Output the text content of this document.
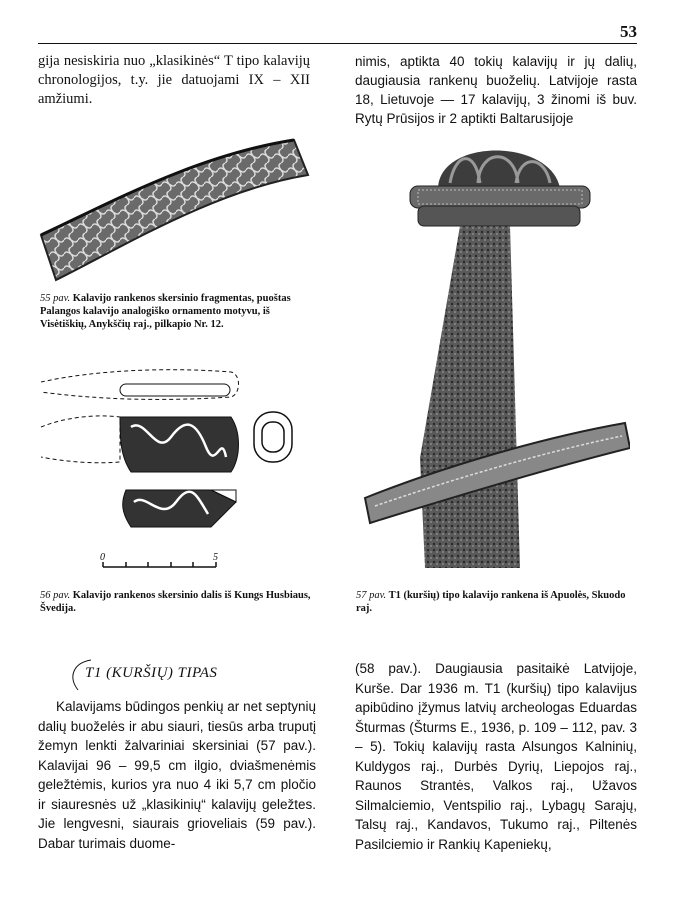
53

gija nesiskiria nuo „klasikinės“ T tipo kalavijų chronologijos, t.y. jie datuojami IX – XII amžiumi.

nimis, aptikta 40 tokių kalavijų ir jų dalių, daugiausia rankenų buoželių. Latvijoje rasta 18, Lietuvoje — 17 kalavijų, 3 žinomi iš buv. Rytų Prūsijos ir 2 aptikti Baltarusijoje

55 pav. Kalavijo rankenos skersinio fragmentas, puoštas Palangos kalavijo analogiško ornamento motyvu, iš Visėtiškių, Anykščių raj., pilkapio Nr. 12.
0	5
56 pav. Kalavijo rankenos skersinio dalis iš Kungs Husbiaus, Švedija.
57 pav. T1 (kuršių) tipo kalavijo rankena iš Apuolės, Skuodo raj.
T1 (KURŠIŲ) TIPAS

Kalavijams būdingos penkių ar net septynių dalių buoželės ir abu siauri, tiesūs arba truputį žemyn lenkti žalvariniai skersiniai (57 pav.). Kalavijai 96 – 99,5 cm ilgio, dviašmenėmis geležtėmis, kurios yra nuo 4 iki 5,7 cm pločio ir siauresnės už „klasikinių“ kalavijų geležtes. Jie lengvesni, siaurais grioveliais (59 pav.). Dabar turimais duome-

(58 pav.). Daugiausia pasitaikė Latvijoje, Kurše. Dar 1936 m. T1 (kuršių) tipo kalavijus apibūdino įžymus latvių archeologas Eduardas Šturmas (Šturms E., 1936, p. 109 – 112, pav. 3 – 5). Tokių kalavijų rasta Alsungos Kalninių, Kuldygos raj., Durbės Dyrių, Liepojos raj., Raunos Strantės, Valkos raj., Užavos Silmalciemio, Ventspilio raj., Lybagų Sarajų, Talsų raj., Kandavos, Tukumo raj., Piltenės Pasilciemio ir Rankių Kapeniekų,
